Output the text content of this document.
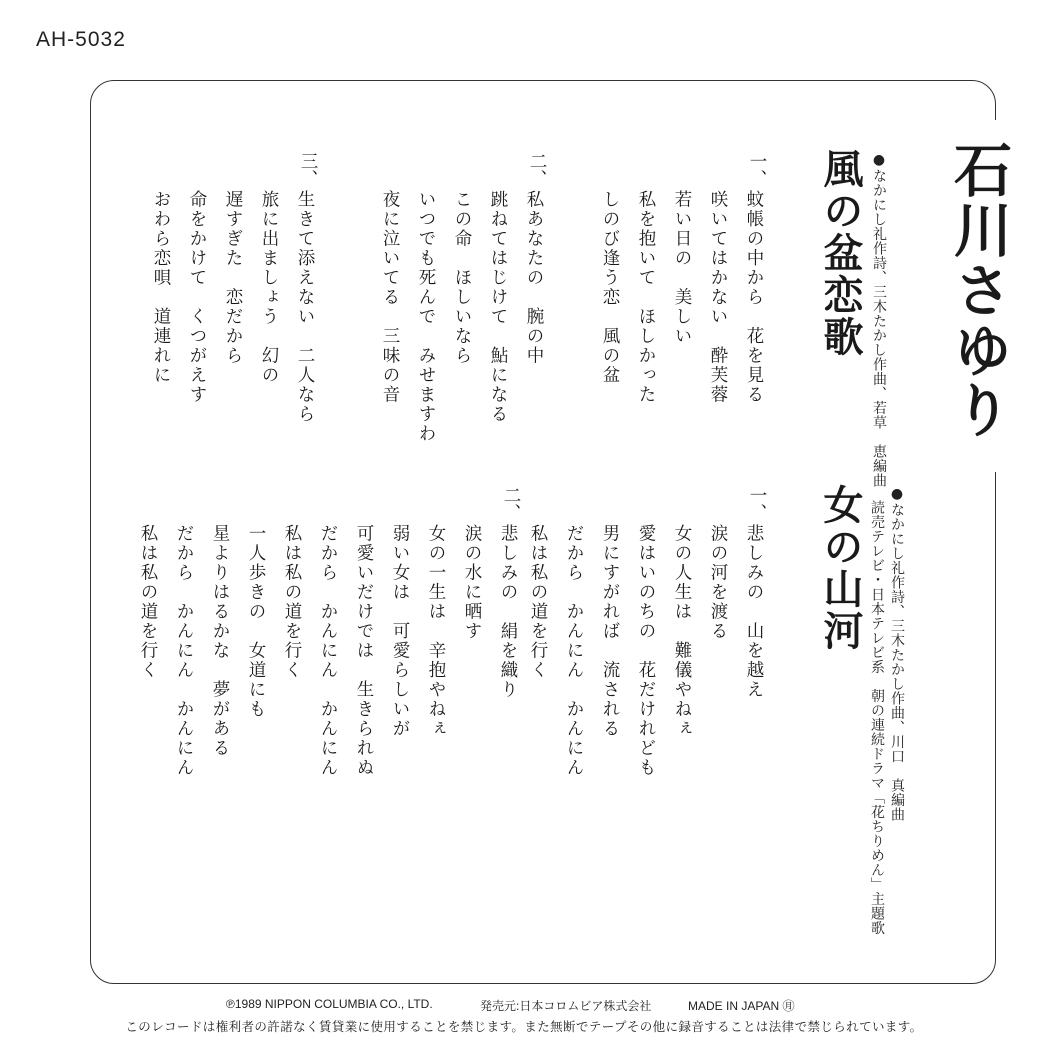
AH-5032
石川さゆり
風の盆恋歌 ●なかにし礼作詩、三木たかし作曲、若草　恵編曲
一、
蚊帳の中から　花を見る
咲いてはかない　酔芙蓉
若い日の　美しい
私を抱いて　ほしかった
しのび逢う恋　風の盆
二、
私あなたの　腕の中
跳ねてはじけて　鮎になる
この命　ほしいなら
いつでも死んで　みせますわ
夜に泣いてる　三味の音
三、
生きて添えない　二人なら
旅に出ましょう　幻の
遅すぎた　恋だから
命をかけて　くつがえす
おわら恋唄　道連れに
女の山河 ●なかにし礼作詩、三木たかし作曲、川口　真編曲
読売テレビ・日本テレビ系　朝の連続ドラマ「花ちりめん」主題歌
一、
悲しみの　山を越え
涙の河を渡る
女の人生は　難儀やねぇ
愛はいのちの　花だけれども
男にすがれば　流される
だから　かんにん　かんにん
私は私の道を行く
二、
悲しみの　絹を織り
涙の水に晒す
女の一生は　辛抱やねぇ
弱い女は　可愛らしいが
可愛いだけでは　生きられぬ
だから　かんにん　かんにん
私は私の道を行く
一人歩きの　女道にも
星よりはるかな　夢がある
だから　かんにん　かんにん
私は私の道を行く
℗1989 NIPPON COLUMBIA CO., LTD.	発売元:日本コロムビア株式会社	MADE IN JAPAN ㊊
このレコードは権利者の許諾なく賃貸業に使用することを禁じます。また無断でテープその他に録音することは法律で禁じられています。
